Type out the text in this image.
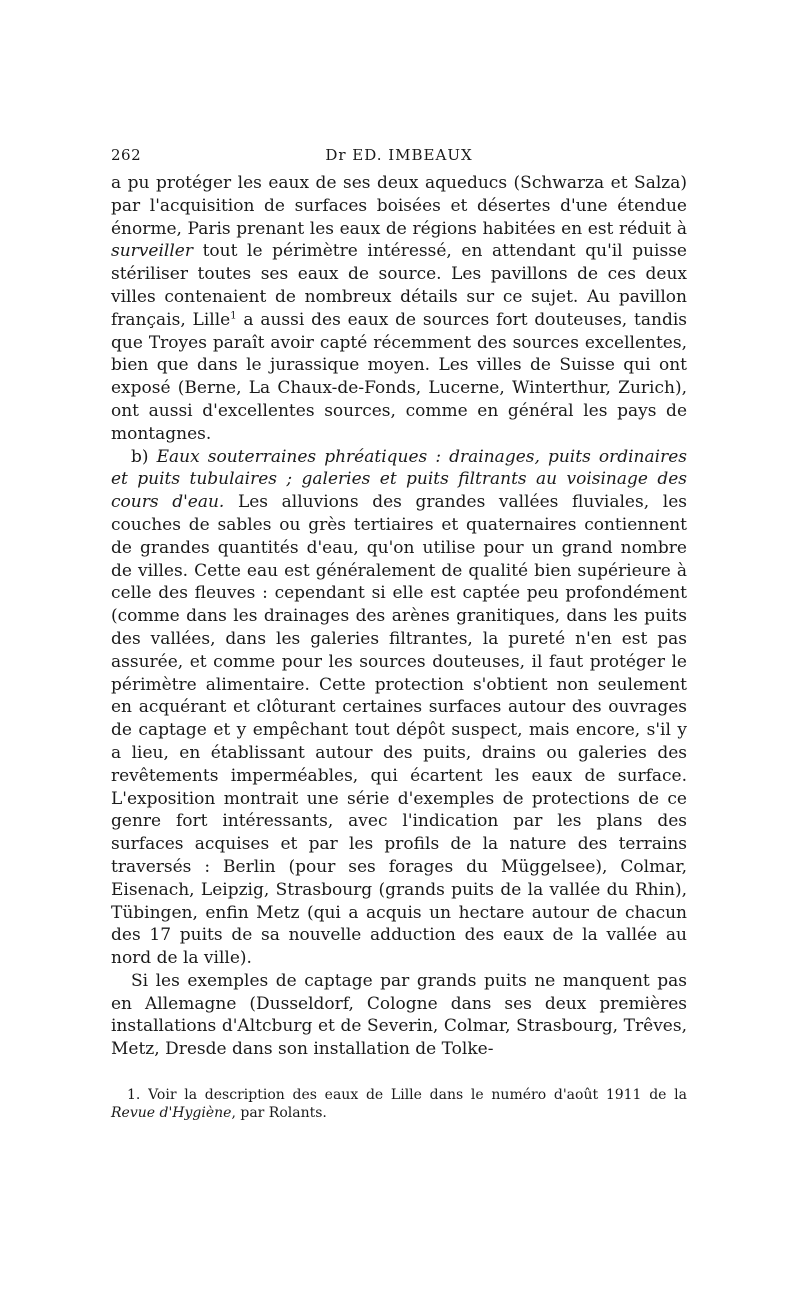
262	Dr ED. IMBEAUX

a pu protéger les eaux de ses deux aqueducs (Schwarza et Salza) par l'acquisition de surfaces boisées et désertes d'une étendue énorme, Paris prenant les eaux de régions habitées en est réduit à surveiller tout le périmètre intéressé, en attendant qu'il puisse stériliser toutes ses eaux de source. Les pavillons de ces deux villes contenaient de nombreux détails sur ce sujet. Au pavillon français, Lille$^1$ a aussi des eaux de sources fort douteuses, tandis que Troyes paraît avoir capté récemment des sources excellentes, bien que dans le jurassique moyen. Les villes de Suisse qui ont exposé (Berne, La Chaux-de-Fonds, Lucerne, Winterthur, Zurich), ont aussi d'excellentes sources, comme en général les pays de montagnes.

b) Eaux souterraines phréatiques : drainages, puits ordinaires et puits tubulaires ; galeries et puits filtrants au voisinage des cours d'eau. Les alluvions des grandes vallées fluviales, les couches de sables ou grès tertiaires et quaternaires contiennent de grandes quantités d'eau, qu'on utilise pour un grand nombre de villes. Cette eau est généralement de qualité bien supérieure à celle des fleuves : cependant si elle est captée peu profondément (comme dans les drainages des arènes granitiques, dans les puits des vallées, dans les galeries filtrantes, la pureté n'en est pas assurée, et comme pour les sources douteuses, il faut protéger le périmètre alimentaire. Cette protection s'obtient non seulement en acquérant et clôturant certaines surfaces autour des ouvrages de captage et y empêchant tout dépôt suspect, mais encore, s'il y a lieu, en établissant autour des puits, drains ou galeries des revêtements imperméables, qui écartent les eaux de surface. L'exposition montrait une série d'exemples de protections de ce genre fort intéressants, avec l'indication par les plans des surfaces acquises et par les profils de la nature des terrains traversés : Berlin (pour ses forages du Müggelsee), Colmar, Eisenach, Leipzig, Strasbourg (grands puits de la vallée du Rhin), Tübingen, enfin Metz (qui a acquis un hectare autour de chacun des 17 puits de sa nouvelle adduction des eaux de la vallée au nord de la ville).

Si les exemples de captage par grands puits ne manquent pas en Allemagne (Dusseldorf, Cologne dans ses deux premières installations d'Altcburg et de Severin, Colmar, Strasbourg, Trêves, Metz, Dresde dans son installation de Tolke-

1. Voir la description des eaux de Lille dans le numéro d'août 1911 de la Revue d'Hygiène, par Rolants.
